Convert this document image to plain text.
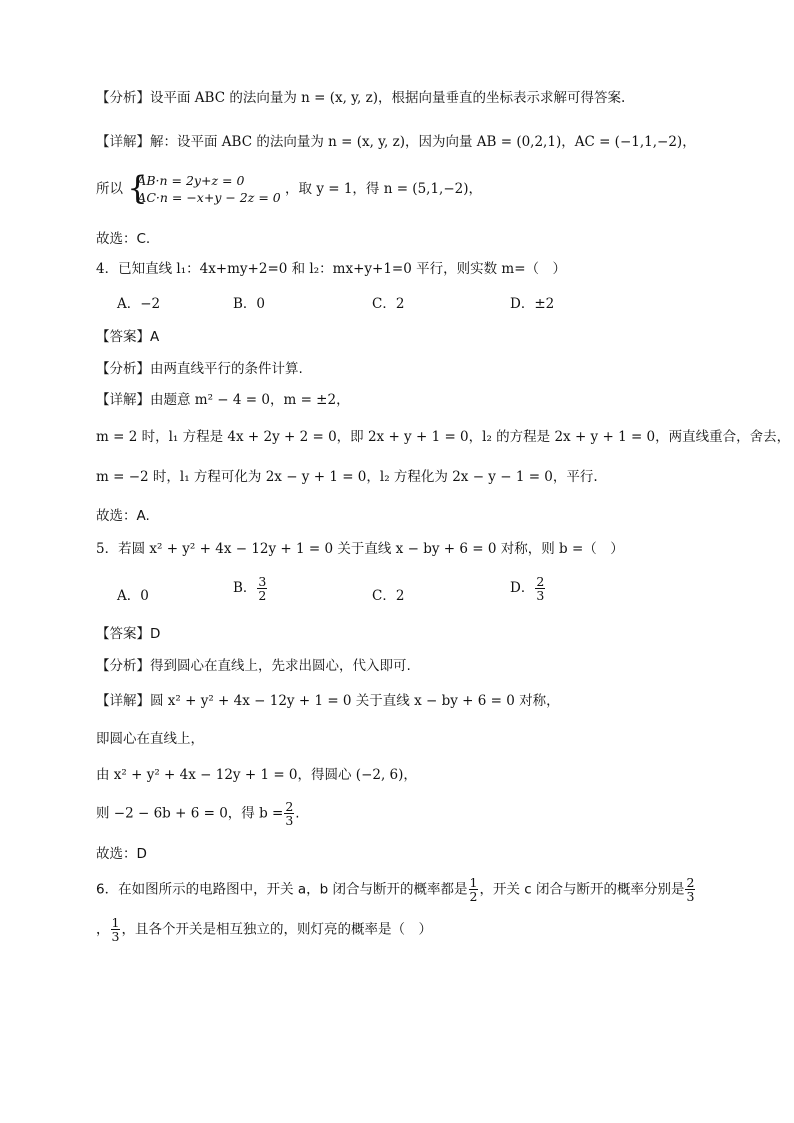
【分析】设平面 ABC 的法向量为 n = (x, y, z)，根据向量垂直的坐标表示求解可得答案.
【详解】解：设平面 ABC 的法向量为 n = (x, y, z)，因为向量 AB = (0,2,1)，AC = (−1,1,−2)，
所以 {
AB·n = 2y+z = 0
AC·n = −x+y − 2z = 0
，取 y = 1，得 n = (5,1,−2)，
故选：C.
4．已知直线 l₁：4x+my+2=0 和 l₂：mx+y+1=0 平行，则实数 m=（　）
A．−2	B．0	C．2	D．±2
【答案】A
【分析】由两直线平行的条件计算.
【详解】由题意 m² − 4 = 0，m = ±2，
m = 2 时，l₁ 方程是 4x + 2y + 2 = 0，即 2x + y + 1 = 0，l₂ 的方程是 2x + y + 1 = 0，两直线重合，舍去，
m = −2 时，l₁ 方程可化为 2x − y + 1 = 0，l₂ 方程化为 2x − y − 1 = 0，平行.
故选：A.
5．若圆 x² + y² + 4x − 12y + 1 = 0 关于直线 x − by + 6 = 0 对称，则 b =（　）
A．0	B． $\frac{3}{2}$	C．2	D． $\frac{2}{3}$
【答案】D
【分析】得到圆心在直线上，先求出圆心，代入即可.
【详解】圆 x² + y² + 4x − 12y + 1 = 0 关于直线 x − by + 6 = 0 对称，
即圆心在直线上，
由 x² + y² + 4x − 12y + 1 = 0，得圆心 (−2, 6)，
则 −2 − 6b + 6 = 0，得 $b = \frac{2}{3}$ .
故选：D
6．在如图所示的电路图中，开关 a，b 闭合与断开的概率都是 $\frac{1}{2}$ ，开关 c 闭合与断开的概率分别是 $\frac{2}{3}$
， $\frac{1}{3}$ ，且各个开关是相互独立的，则灯亮的概率是（　）
